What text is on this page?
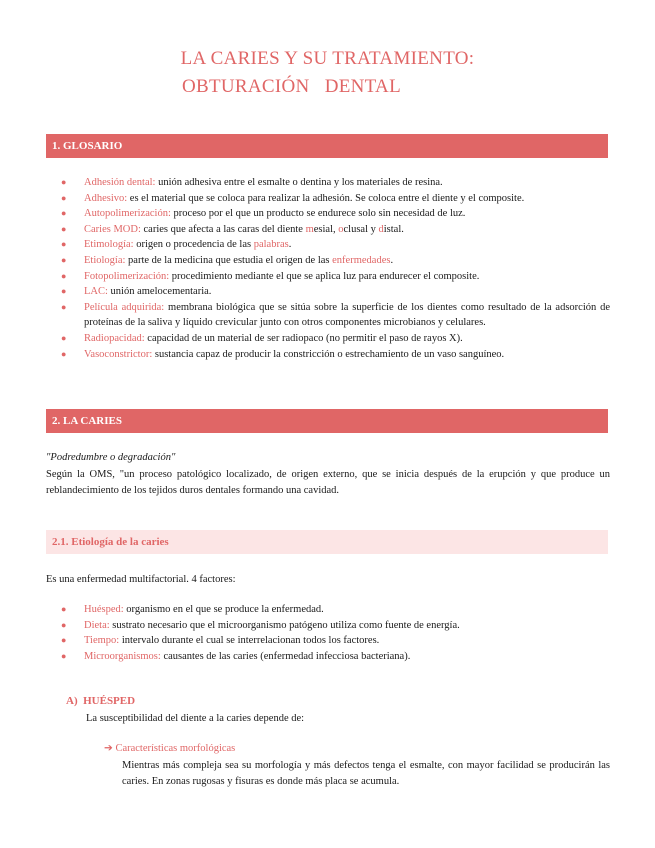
LA CARIES Y SU TRATAMIENTO:
OBTURACIÓN   DENTAL
1. GLOSARIO
● Adhesión dental: unión adhesiva entre el esmalte o dentina y los materiales de resina.
● Adhesivo: es el material que se coloca para realizar la adhesión. Se coloca entre el diente y el composite.
● Autopolimerización: proceso por el que un producto se endurece solo sin necesidad de luz.
● Caries MOD: caries que afecta a las caras del diente mesial, oclusal y distal.
● Etimología: origen o procedencia de las palabras.
● Etiología: parte de la medicina que estudia el origen de las enfermedades.
● Fotopolimerización: procedimiento mediante el que se aplica luz para endurecer el composite.
● LAC: unión amelocementaria.
● Película adquirida: membrana biológica que se sitúa sobre la superficie de los dientes como resultado de la adsorción de proteínas de la saliva y líquido crevicular junto con otros componentes microbianos y celulares.
● Radiopacidad: capacidad de un material de ser radiopaco (no permitir el paso de rayos X).
● Vasoconstrictor: sustancia capaz de producir la constricción o estrechamiento de un vaso sanguíneo.
2. LA CARIES
"Podredumbre o degradación"
Según la OMS, "un proceso patológico localizado, de origen externo, que se inicia después de la erupción y que produce un reblandecimiento de los tejidos duros dentales formando una cavidad.
2.1. Etiología de la caries
Es una enfermedad multifactorial. 4 factores:
● Huésped: organismo en el que se produce la enfermedad.
● Dieta: sustrato necesario que el microorganismo patógeno utiliza como fuente de energía.
● Tiempo: intervalo durante el cual se interrelacionan todos los factores.
● Microorganismos: causantes de las caries (enfermedad infecciosa bacteriana).
A)  HUÉSPED
La susceptibilidad del diente a la caries depende de:
➔ Características morfológicas
Mientras más compleja sea su morfología y más defectos tenga el esmalte, con mayor facilidad se producirán las caries. En zonas rugosas y fisuras es donde más placa se acumula.
